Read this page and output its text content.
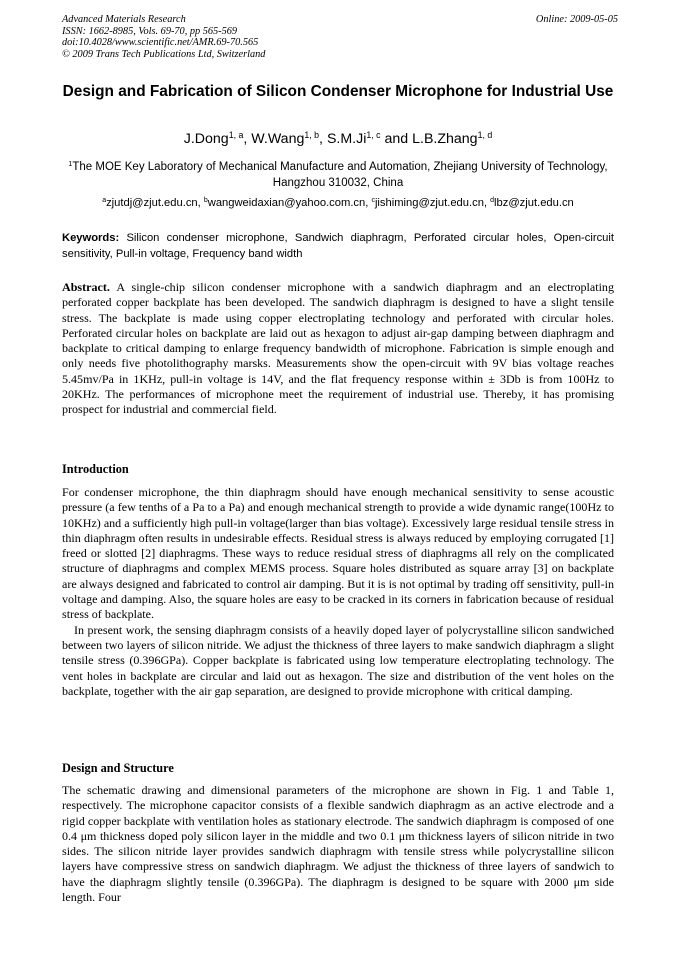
Advanced Materials Research
ISSN: 1662-8985, Vols. 69-70, pp 565-569
doi:10.4028/www.scientific.net/AMR.69-70.565
© 2009 Trans Tech Publications Ltd, Switzerland
Online: 2009-05-05
Design and Fabrication of Silicon Condenser Microphone for Industrial Use
J.Dong$^{1, a}$, W.Wang$^{1, b}$, S.M.Ji$^{1, c}$ and L.B.Zhang$^{1, d}$
$^1$The MOE Key Laboratory of Mechanical Manufacture and Automation, Zhejiang University of Technology, Hangzhou 310032, China
$^a$zjutdj@zjut.edu.cn, $^b$wangweidaxian@yahoo.com.cn, $^c$jishiming@zjut.edu.cn, $^d$lbz@zjut.edu.cn
Keywords: Silicon condenser microphone, Sandwich diaphragm, Perforated circular holes, Open-circuit sensitivity, Pull-in voltage, Frequency band width

Abstract. A single-chip silicon condenser microphone with a sandwich diaphragm and an electroplating perforated copper backplate has been developed. The sandwich diaphragm is designed to have a slight tensile stress. The backplate is made using copper electroplating technology and perforated with circular holes. Perforated circular holes on backplate are laid out as hexagon to adjust air-gap damping between diaphragm and backplate to critical damping to enlarge frequency bandwidth of microphone. Fabrication is simple enough and only needs five photolithography marsks. Measurements show the open-circuit with 9V bias voltage reaches 5.45mv/Pa in 1KHz, pull-in voltage is 14V, and the flat frequency response within ± 3Db is from 100Hz to 20KHz. The performances of microphone meet the requirement of industrial use. Thereby, it has promising prospect for industrial and commercial field.

Introduction

For condenser microphone, the thin diaphragm should have enough mechanical sensitivity to sense acoustic pressure (a few tenths of a Pa to a Pa) and enough mechanical strength to provide a wide dynamic range(100Hz to 10KHz) and a sufficiently high pull-in voltage(larger than bias voltage). Excessively large residual tensile stress in thin diaphragm often results in undesirable effects. Residual stress is always reduced by employing corrugated [1] freed or slotted [2] diaphragms. These ways to reduce residual stress of diaphragms all rely on the complicated structure of diaphragms and complex MEMS process. Square holes distributed as square array [3] on backplate are always designed and fabricated to control air damping. But it is is not optimal by trading off sensitivity, pull-in voltage and damping. Also, the square holes are easy to be cracked in its corners in fabrication because of residual stress of backplate.

In present work, the sensing diaphragm consists of a heavily doped layer of polycrystalline silicon sandwiched between two layers of silicon nitride. We adjust the thickness of three layers to make sandwich diaphragm a slight tensile stress (0.396GPa). Copper backplate is fabricated using low temperature electroplating technology. The vent holes in backplate are circular and laid out as hexagon. The size and distribution of the vent holes on the backplate, together with the air gap separation, are designed to provide microphone with critical damping.

Design and Structure

The schematic drawing and dimensional parameters of the microphone are shown in Fig. 1 and Table 1, respectively. The microphone capacitor consists of a flexible sandwich diaphragm as an active electrode and a rigid copper backplate with ventilation holes as stationary electrode. The sandwich diaphragm is composed of one 0.4 μm thickness doped poly silicon layer in the middle and two 0.1 μm thickness layers of silicon nitride in two sides. The silicon nitride layer provides sandwich diaphragm with tensile stress while polycrystalline silicon layers have compressive stress on sandwich diaphragm. We adjust the thickness of three layers of sandwich to have the diaphragm slightly tensile (0.396GPa). The diaphragm is designed to be square with 2000 μm side length. Four
